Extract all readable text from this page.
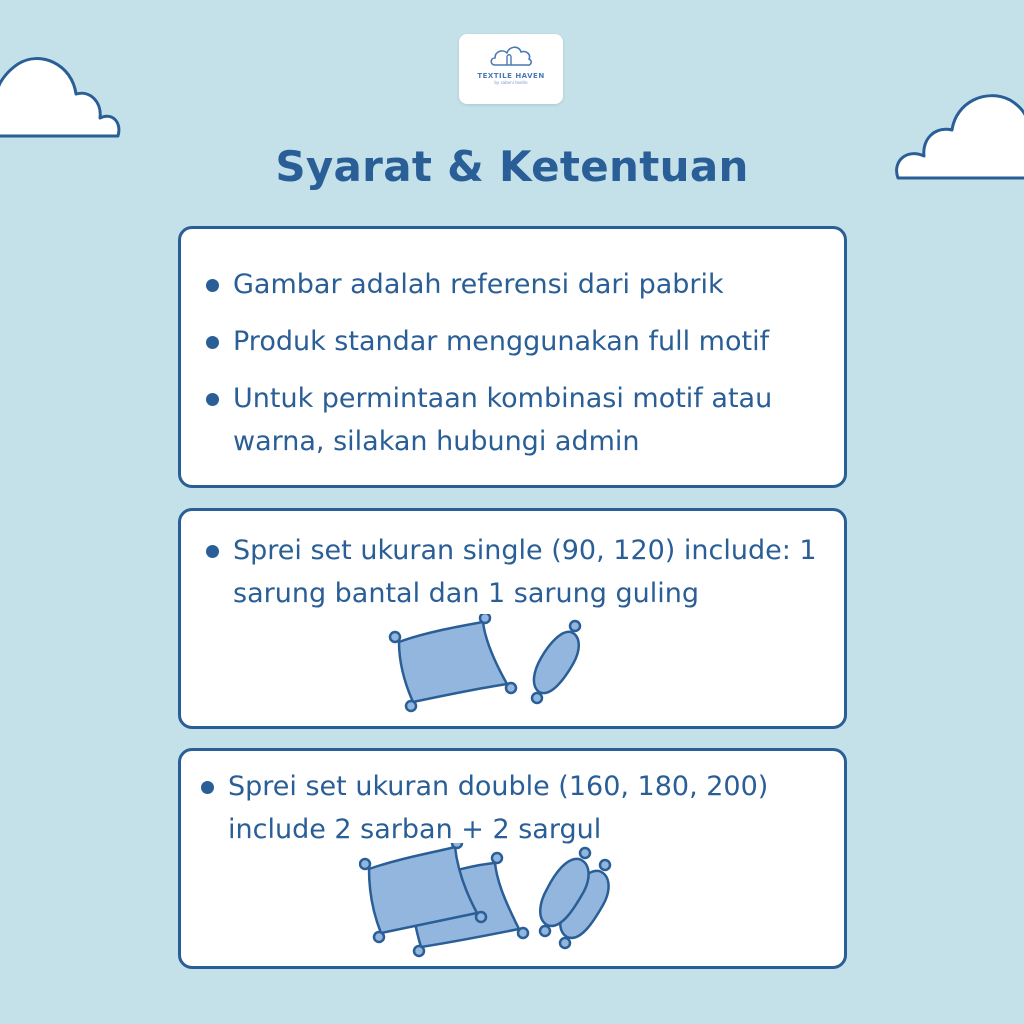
TEXTILE HAVEN
by sabeni textile
Syarat & Ketentuan
Gambar adalah referensi dari pabrik
Produk standar menggunakan full motif
Untuk permintaan kombinasi motif atau warna, silakan hubungi admin
Sprei set ukuran single (90, 120) include: 1 sarung bantal dan 1 sarung guling
Sprei set ukuran double (160, 180, 200) include 2 sarban + 2 sargul
